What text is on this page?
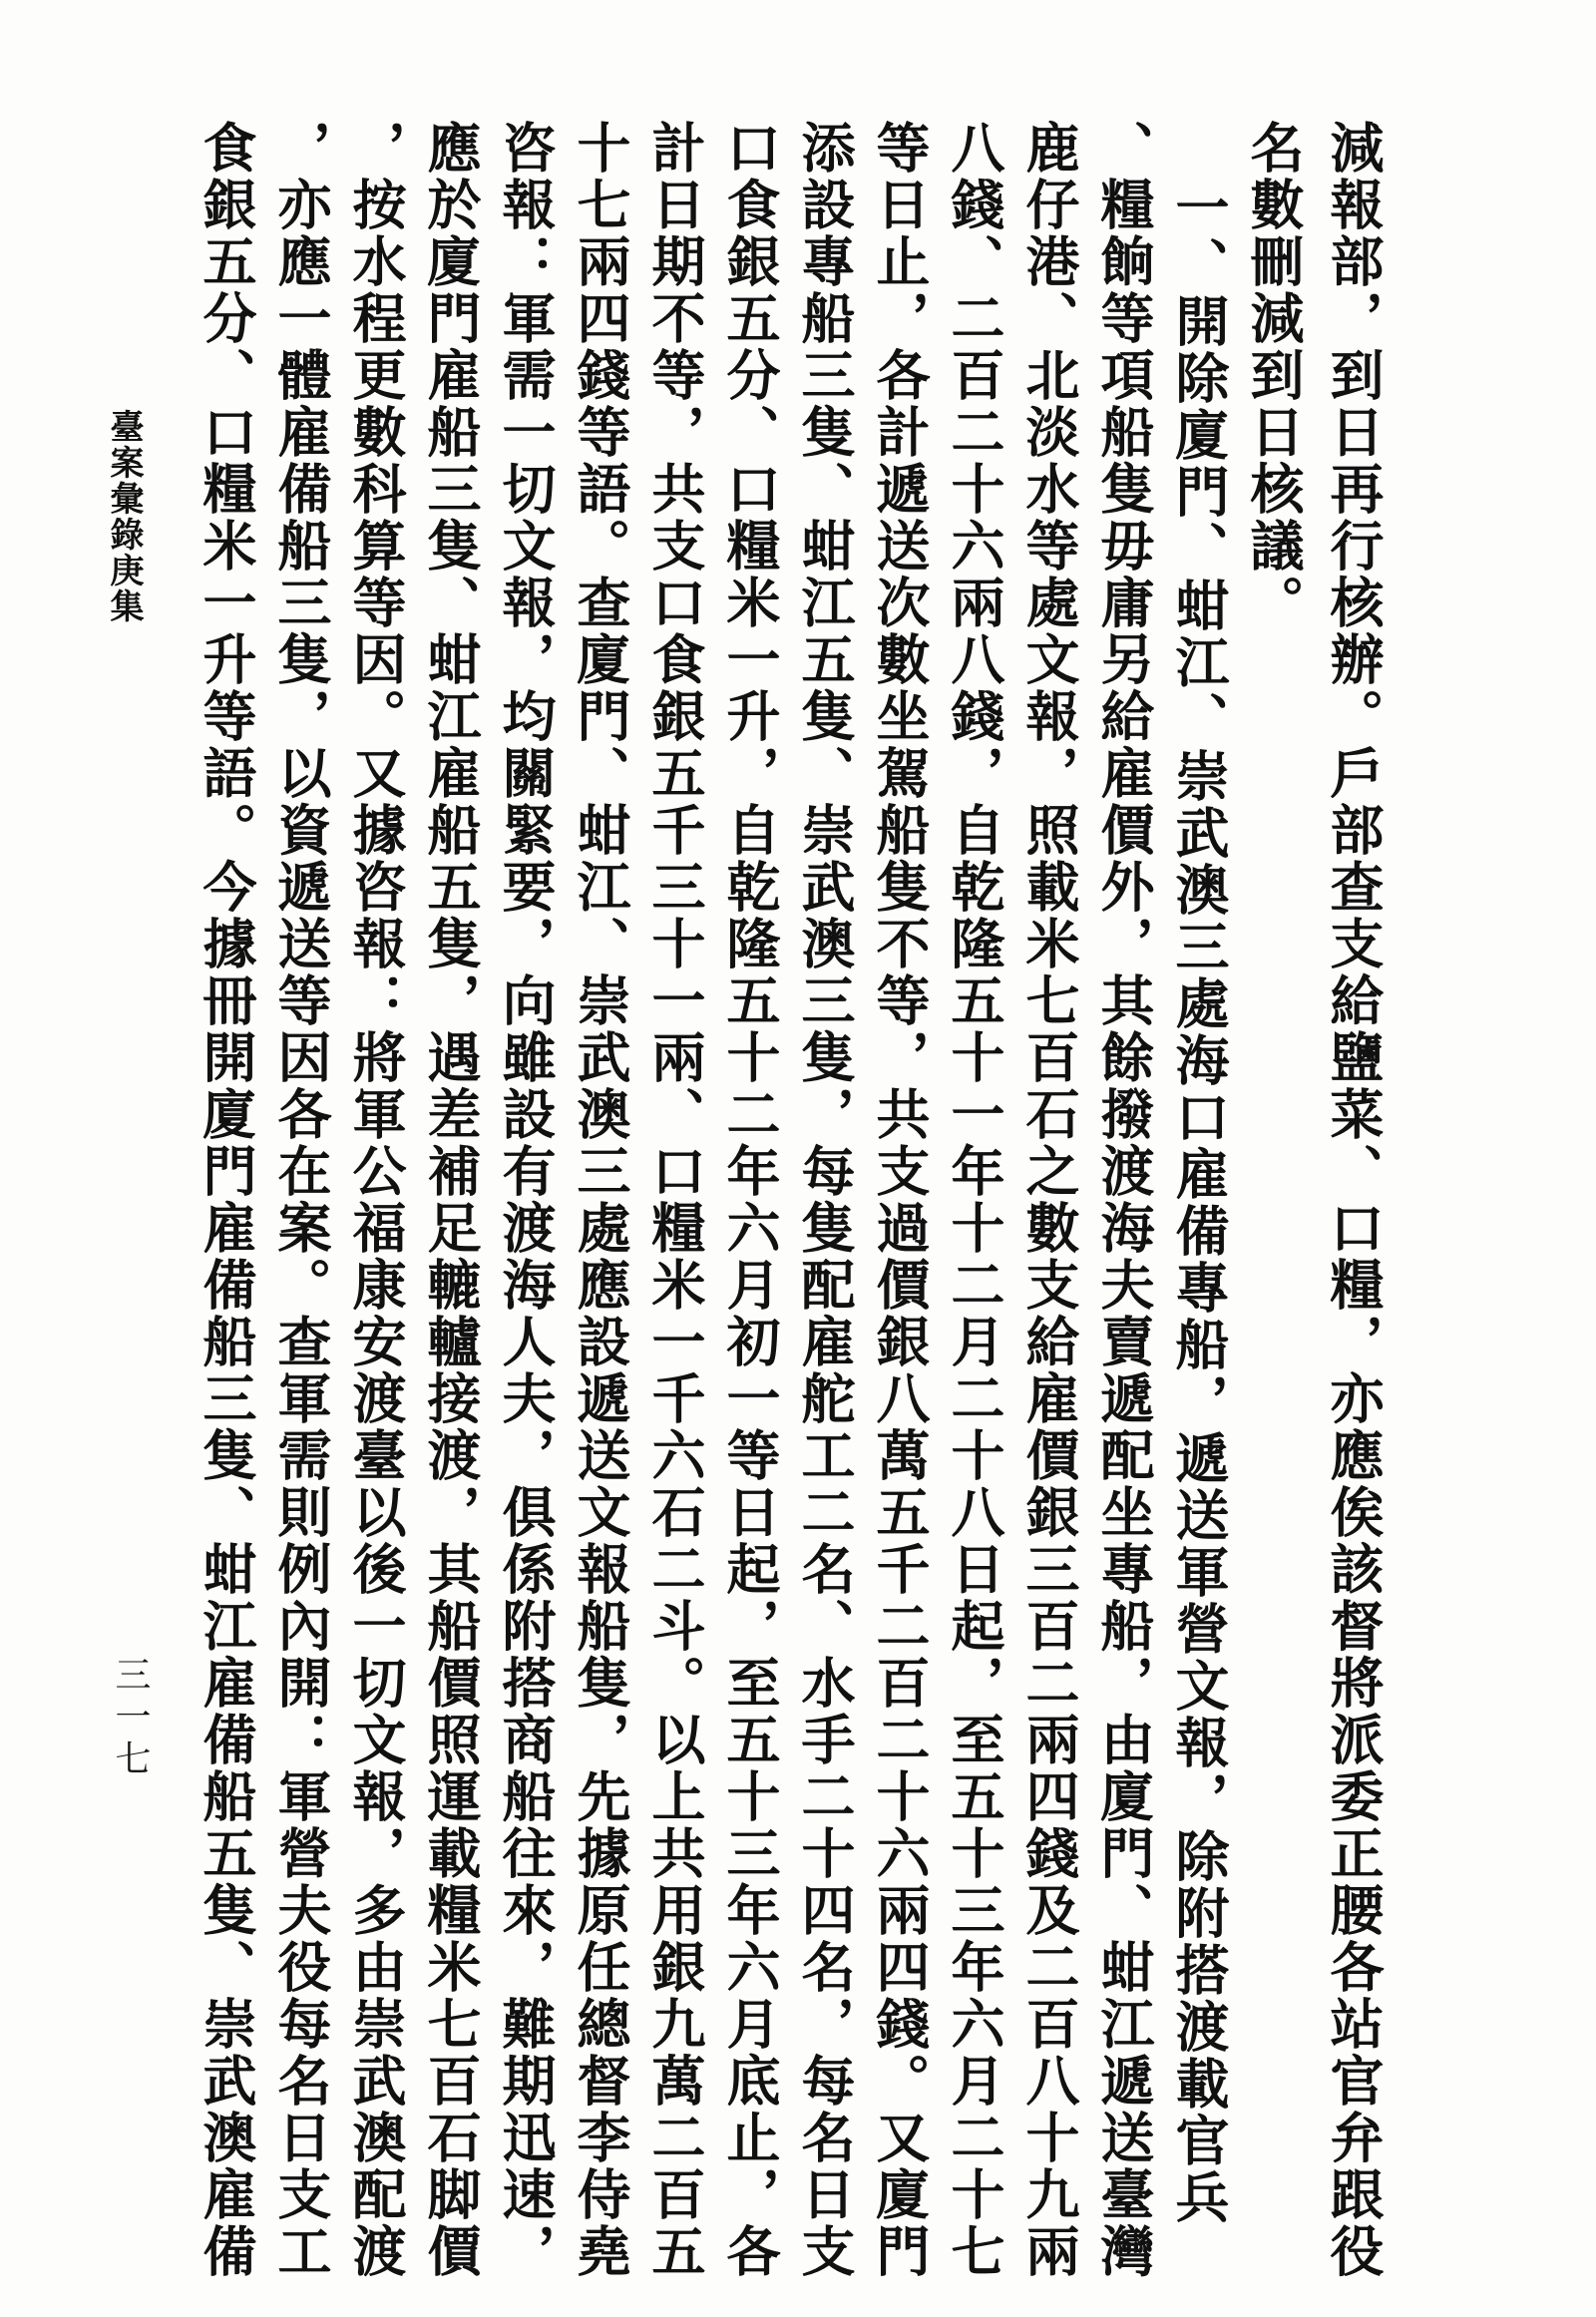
減報部，到日再行核辦。戶部查支給鹽菜、口糧，亦應俟該督將派委正腰各站官弁跟役
名數刪減到日核議。
一、開除廈門、蚶江、崇武澳三處海口雇備專船，遞送軍營文報，除附搭渡載官兵
、糧餉等項船隻毋庸另給雇價外，其餘撥渡海夫賣遞配坐專船，由廈門、蚶江遞送臺灣
鹿仔港、北淡水等處文報，照載米七百石之數支給雇價銀三百二兩四錢及二百八十九兩
八錢、二百二十六兩八錢，自乾隆五十一年十二月二十八日起，至五十三年六月二十七
等日止，各計遞送次數坐駕船隻不等，共支過價銀八萬五千二百二十六兩四錢。又廈門
添設專船三隻、蚶江五隻、崇武澳三隻，每隻配雇舵工二名、水手二十四名，每名日支
口食銀五分、口糧米一升，自乾隆五十二年六月初一等日起，至五十三年六月底止，各
計日期不等，共支口食銀五千三十一兩、口糧米一千六石二斗。以上共用銀九萬二百五
十七兩四錢等語。查廈門、蚶江、崇武澳三處應設遞送文報船隻，先據原任總督李侍堯
咨報：軍需一切文報，均關緊要，向雖設有渡海人夫，俱係附搭商船往來，難期迅速，
應於廈門雇船三隻、蚶江雇船五隻，遇差補足轆轤接渡，其船價照運載糧米七百石脚價
，按水程更數科算等因。又據咨報：將軍公福康安渡臺以後一切文報，多由崇武澳配渡
，亦應一體雇備船三隻，以資遞送等因各在案。查軍需則例內開：軍營夫役每名日支工
食銀五分、口糧米一升等語。今據冊開廈門雇備船三隻、蚶江雇備船五隻、崇武澳雇備
臺案彙錄庚集
三一七
